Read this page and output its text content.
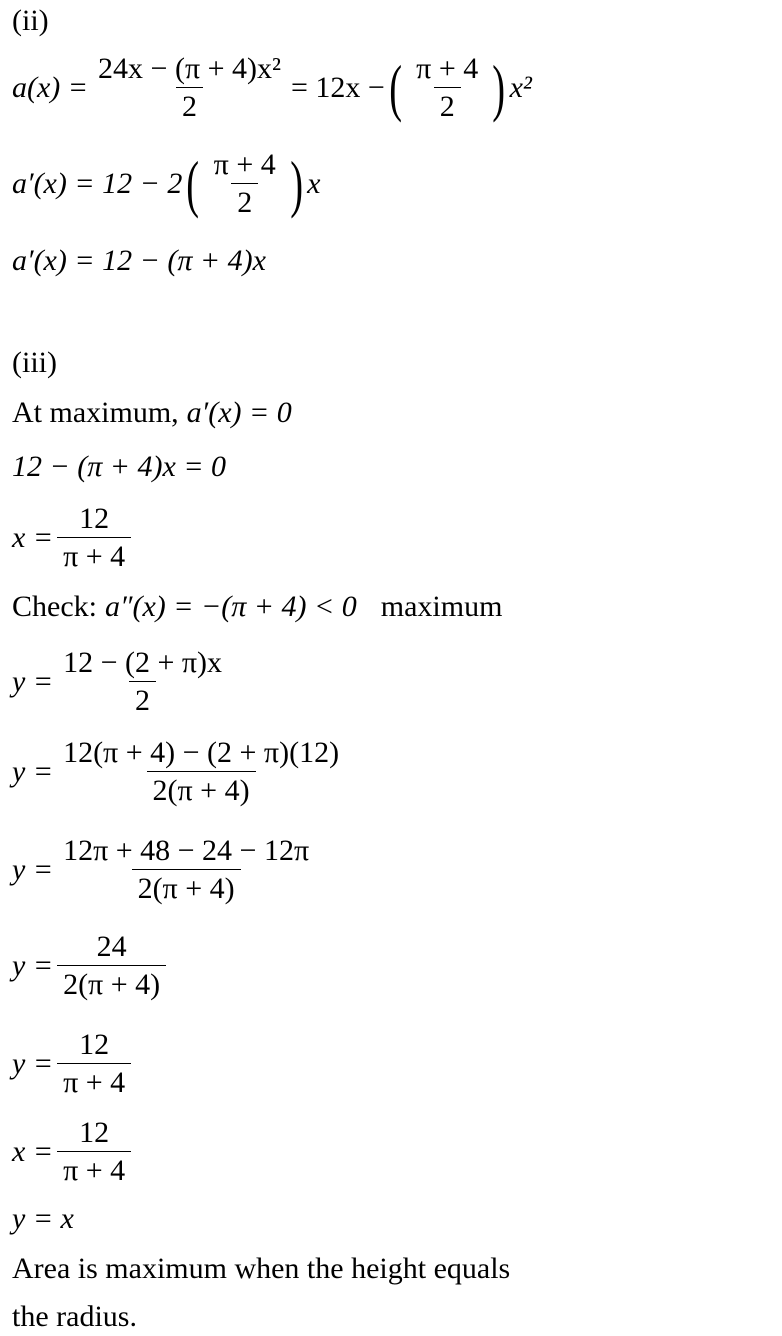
(ii)
$a(x) = \frac{\text{24x − (π + 4)x²}}{2} = 12x$ − ( $\frac{\pi + 4}{2}$ ) x²
a′(x) = 12 − 2 ( $\frac{\pi + 4}{2}$ ) x
a′(x) = 12 − (π + 4)x
(iii)
At maximum, a′(x) = 0
12 − (π + 4)x = 0
$x = \frac{12}{\pi + 4}$
Check: a″(x) = −(π + 4) < 0 maximum
$y = \frac{12 - (2 + \pi)x}{2}$
$y = \frac{12(\pi + 4) - (2 + \pi)(12)}{2(\pi + 4)}$
$y = \frac{12\pi + 48 - 24 - 12\pi}{2(\pi + 4)}$
$y = \frac{24}{2(\pi + 4)}$
$y = \frac{12}{\pi + 4}$
$x = \frac{12}{\pi + 4}$
y = x
Area is maximum when the height equals
the radius.
